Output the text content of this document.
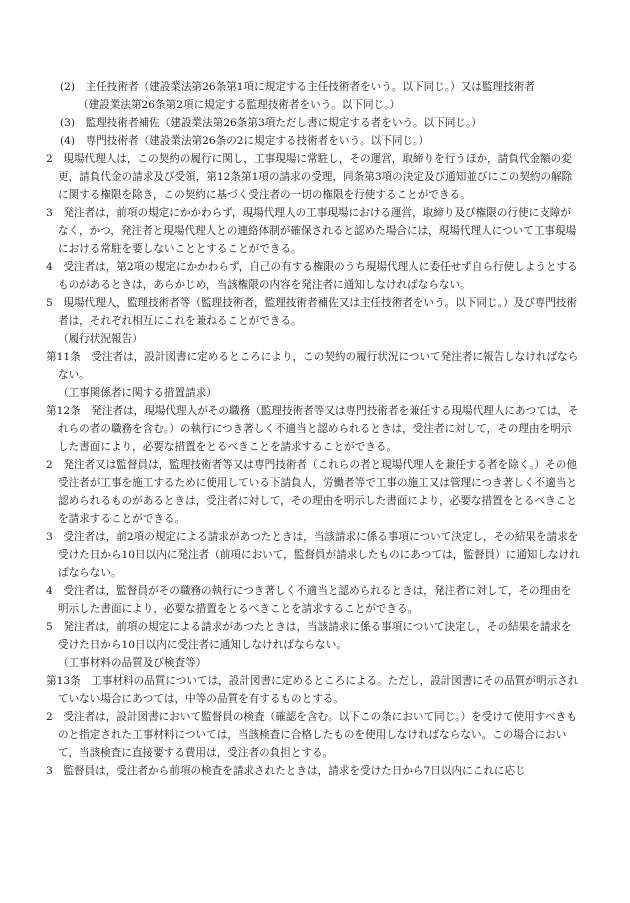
(2)　主任技術者（建設業法第26条第1項に規定する主任技術者をいう。以下同じ。）又は監理技術者

（建設業法第26条第2項に規定する監理技術者をいう。以下同じ。）

(3)　監理技術者補佐（建設業法第26条第3項ただし書に規定する者をいう。以下同じ。）

(4)　専門技術者（建設業法第26条の2に規定する技術者をいう。以下同じ。）

2　現場代理人は，この契約の履行に関し，工事現場に常駐し，その運営，取締りを行うほか，請負代金額の変更，請負代金の請求及び受領，第12条第1項の請求の受理，同条第3項の決定及び通知並びにこの契約の解除に関する権限を除き，この契約に基づく受注者の一切の権限を行使することができる。

3　発注者は，前項の規定にかかわらず，現場代理人の工事現場における運営，取締り及び権限の行使に支障がなく，かつ，発注者と現場代理人との連絡体制が確保されると認めた場合には，現場代理人について工事現場における常駐を要しないこととすることができる。

4　受注者は，第2項の規定にかかわらず，自己の有する権限のうち現場代理人に委任せず自ら行使しようとするものがあるときは，あらかじめ，当該権限の内容を発注者に通知しなければならない。

5　現場代理人，監理技術者等（監理技術者，監理技術者補佐又は主任技術者をいう。以下同じ。）及び専門技術者は，それぞれ相互にこれを兼ねることができる。

（履行状況報告）

第11条　受注者は，設計図書に定めるところにより，この契約の履行状況について発注者に報告しなければならない。

（工事関係者に関する措置請求）

第12条　発注者は，現場代理人がその職務（監理技術者等又は専門技術者を兼任する現場代理人にあつては，それらの者の職務を含む。）の執行につき著しく不適当と認められるときは，受注者に対して，その理由を明示した書面により，必要な措置をとるべきことを請求することができる。

2　発注者又は監督員は，監理技術者等又は専門技術者（これらの者と現場代理人を兼任する者を除く。）その他受注者が工事を施工するために使用している下請負人，労働者等で工事の施工又は管理につき著しく不適当と認められるものがあるときは，受注者に対して，その理由を明示した書面により，必要な措置をとるべきことを請求することができる。

3　受注者は，前2項の規定による請求があつたときは，当該請求に係る事項について決定し，その結果を請求を受けた日から10日以内に発注者（前項において，監督員が請求したものにあつては，監督員）に通知しなければならない。

4　受注者は，監督員がその職務の執行につき著しく不適当と認められるときは，発注者に対して，その理由を明示した書面により，必要な措置をとるべきことを請求することができる。

5　発注者は，前項の規定による請求があつたときは，当該請求に係る事項について決定し，その結果を請求を受けた日から10日以内に受注者に通知しなければならない。

（工事材料の品質及び検査等）

第13条　工事材料の品質については，設計図書に定めるところによる。ただし，設計図書にその品質が明示されていない場合にあつては，中等の品質を有するものとする。

2　受注者は，設計図書において監督員の検査（確認を含む。以下この条において同じ。）を受けて使用すべきものと指定された工事材料については，当該検査に合格したものを使用しなければならない。この場合において，当該検査に直接要する費用は，受注者の負担とする。

3　監督員は，受注者から前項の検査を請求されたときは，請求を受けた日から7日以内にこれに応じ
